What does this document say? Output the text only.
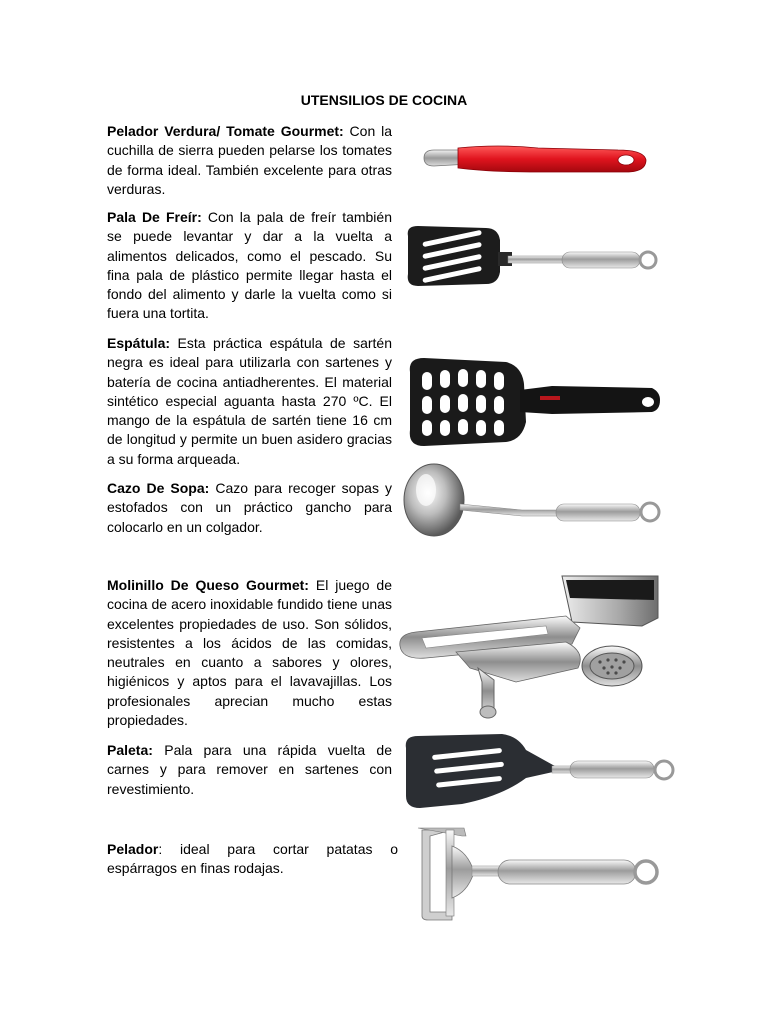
UTENSILIOS DE COCINA
Pelador Verdura/ Tomate Gourmet: Con la cuchilla de sierra pueden pelarse los tomates de forma ideal. También excelente para otras verduras.
Pala De Freír: Con la pala de freír también se puede levantar y dar a la vuelta a alimentos delicados, como el pescado. Su fina pala de plástico permite llegar hasta el fondo del alimento y darle la vuelta como si fuera una tortita.
Espátula: Esta práctica espátula de sartén negra es ideal para utilizarla con sartenes y batería de cocina antiadherentes. El material sintético especial aguanta hasta 270 ºC. El mango de la espátula de sartén tiene 16 cm de longitud y permite un buen asidero gracias a su forma arqueada.
Cazo De Sopa: Cazo para recoger sopas y estofados con un práctico gancho para colocarlo en un colgador.
Molinillo De Queso Gourmet: El juego de cocina de acero inoxidable fundido tiene unas excelentes propiedades de uso. Son sólidos, resistentes a los ácidos de las comidas, neutrales en cuanto a sabores y olores, higiénicos y aptos para el lavavajillas. Los profesionales aprecian mucho estas propiedades.
Paleta: Pala para una rápida vuelta de carnes y para remover en sartenes con revestimiento.
Pelador: ideal para cortar patatas o espárragos en finas rodajas.
